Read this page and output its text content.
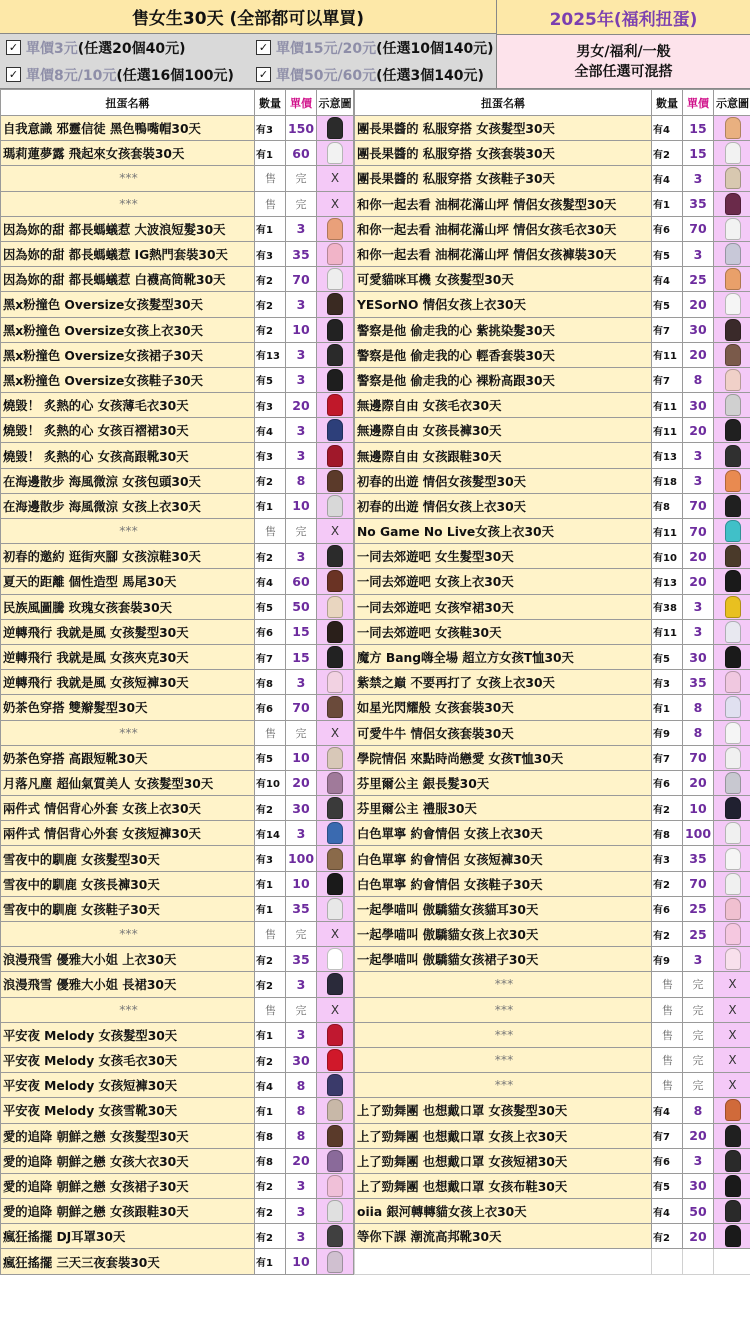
售女生30天 (全部都可以單買)
✓ 單價3元 (任選20個40元)	✓ 單價15元/20元 (任選10個140元)
✓ 單價8元/10元 (任選16個100元) ✓ 單價50元/60元 (任選3個140元)
2025年(福利扭蛋)
男女/福利/一般
全部任選可混搭
扭蛋名稱	數量	單價	示意圖
自我意識 邪靈信徒 黑色鴨嘴帽30天	有3	150	
瑪莉蓮夢露 飛起來女孩套裝30天	有1	60	
***	售	完	X
***	售	完	X
因為妳的甜 都長螞蟻惹 大波浪短髮30天	有1	3	
因為妳的甜 都長螞蟻惹 IG熱門套裝30天	有3	35	
因為妳的甜 都長螞蟻惹 白襪高筒靴30天	有2	70	
黑x粉撞色 Oversize女孩髮型30天	有2	3	
黑x粉撞色 Oversize女孩上衣30天	有2	10	
黑x粉撞色 Oversize女孩裙子30天	有13	3	
黑x粉撞色 Oversize女孩鞋子30天	有5	3	
燒毀！ 炙熱的心 女孩薄毛衣30天	有3	20	
燒毀！ 炙熱的心 女孩百褶裙30天	有4	3	
燒毀！ 炙熱的心 女孩高跟靴30天	有3	3	
在海邊散步 海風微涼 女孩包頭30天	有2	8	
在海邊散步 海風微涼 女孩上衣30天	有1	10	
***	售	完	X
初春的邀約 逛街夾腳 女孩涼鞋30天	有2	3	
夏天的距離 個性造型 馬尾30天	有4	60	
民族風圖騰 玫瑰女孩套裝30天	有5	50	
逆轉飛行 我就是風 女孩髮型30天	有6	15	
逆轉飛行 我就是風 女孩夾克30天	有7	15	
逆轉飛行 我就是風 女孩短褲30天	有8	3	
奶茶色穿搭 雙辮髮型30天	有6	70	
***	售	完	X
奶茶色穿搭 高跟短靴30天	有5	10	
月落凡塵 超仙氣質美人 女孩髮型30天	有10	20	
兩件式 情侶背心外套 女孩上衣30天	有2	30	
兩件式 情侶背心外套 女孩短褲30天	有14	3	
雪夜中的馴鹿 女孩髮型30天	有3	100	
雪夜中的馴鹿 女孩長褲30天	有1	10	
雪夜中的馴鹿 女孩鞋子30天	有1	35	
***	售	完	X
浪漫飛雪 優雅大小姐 上衣30天	有2	35	
浪漫飛雪 優雅大小姐 長裙30天	有2	3	
***	售	完	X
平安夜 Melody 女孩髮型30天	有1	3	
平安夜 Melody 女孩毛衣30天	有2	30	
平安夜 Melody 女孩短褲30天	有4	8	
平安夜 Melody 女孩雪靴30天	有1	8	
愛的追降 朝鮮之戀 女孩髮型30天	有8	8	
愛的追降 朝鮮之戀 女孩大衣30天	有8	20	
愛的追降 朝鮮之戀 女孩裙子30天	有2	3	
愛的追降 朝鮮之戀 女孩跟鞋30天	有2	3	
瘋狂搖擺 DJ耳罩30天	有2	3	
瘋狂搖擺 三天三夜套裝30天	有1	10	
扭蛋名稱	數量	單價	示意圖
團長果醬的 私服穿搭 女孩髮型30天	有4	15	
團長果醬的 私服穿搭 女孩套裝30天	有2	15	
團長果醬的 私服穿搭 女孩鞋子30天	有4	3	
和你一起去看 油桐花滿山坪 情侶女孩髮型30天	有1	35	
和你一起去看 油桐花滿山坪 情侶女孩毛衣30天	有6	70	
和你一起去看 油桐花滿山坪 情侶女孩褲裝30天	有5	3	
可愛貓咪耳機 女孩髮型30天	有4	25	
YESorNO 情侶女孩上衣30天	有5	20	
警察是他 偷走我的心 紫挑染髮30天	有7	30	
警察是他 偷走我的心 輕香套裝30天	有11	20	
警察是他 偷走我的心 裸粉高跟30天	有7	8	
無邊際自由 女孩毛衣30天	有11	30	
無邊際自由 女孩長褲30天	有11	20	
無邊際自由 女孩跟鞋30天	有13	3	
初春的出遊 情侶女孩髮型30天	有18	3	
初春的出遊 情侶女孩上衣30天	有8	70	
No Game No Live女孩上衣30天	有11	70	
一同去郊遊吧 女生髮型30天	有10	20	
一同去郊遊吧 女孩上衣30天	有13	20	
一同去郊遊吧 女孩窄裙30天	有38	3	
一同去郊遊吧 女孩鞋30天	有11	3	
魔方 Bang嗨全場 超立方女孩T恤30天	有5	30	
紫禁之巔 不要再打了 女孩上衣30天	有3	35	
如星光閃耀般 女孩套裝30天	有1	8	
可愛牛牛 情侶女孩套裝30天	有9	8	
學院情侶 來點時尚戀愛 女孩T恤30天	有7	70	
芬里爾公主 銀長髮30天	有6	20	
芬里爾公主 禮服30天	有2	10	
白色單寧 約會情侶 女孩上衣30天	有8	100	
白色單寧 約會情侶 女孩短褲30天	有3	35	
白色單寧 約會情侶 女孩鞋子30天	有2	70	
一起學喵叫 傲驕貓女孩貓耳30天	有6	25	
一起學喵叫 傲驕貓女孩上衣30天	有2	25	
一起學喵叫 傲驕貓女孩裙子30天	有9	3	
***	售	完	X
***	售	完	X
***	售	完	X
***	售	完	X
***	售	完	X
上了勁舞團 也想戴口罩 女孩髮型30天	有4	8	
上了勁舞團 也想戴口罩 女孩上衣30天	有7	20	
上了勁舞團 也想戴口罩 女孩短裙30天	有6	3	
上了勁舞團 也想戴口罩 女孩布鞋30天	有5	30	
oiia 銀河轉轉貓女孩上衣30天	有4	50	
等你下課 潮流高邦靴30天	有2	20	
